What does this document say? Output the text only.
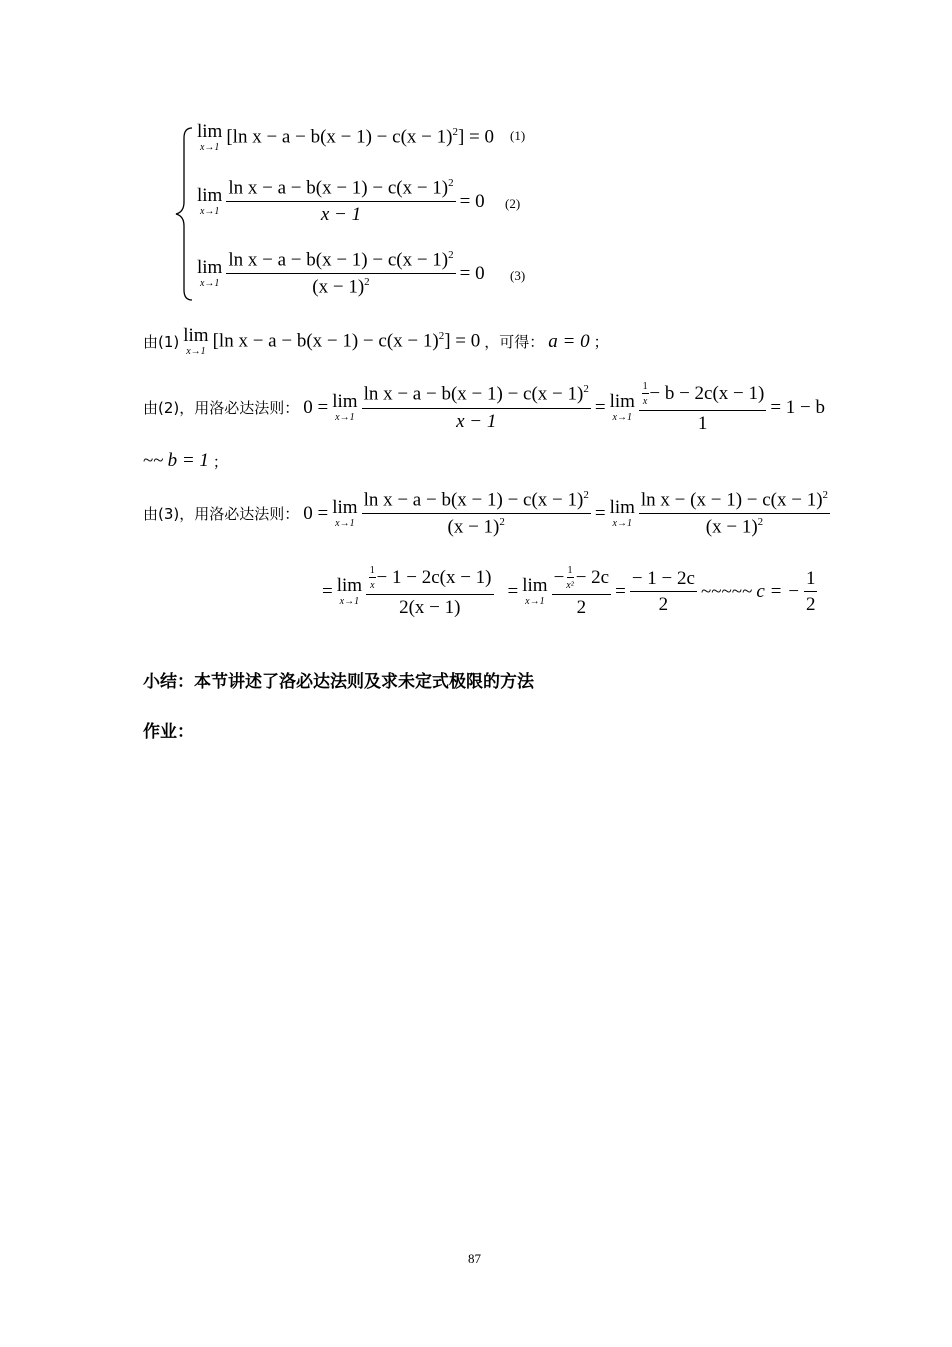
lim
x→1 [ln $x - a - b(x - 1) - c(x - 1)^2] = 0$ (1)
lim
$x\to 1 \frac{\ln x - a - b(x - 1) - c(x - 1)^2}{x - 1} = 0$ (2)
lim
$x\to 1 \frac{\ln x - a - b(x - 1) - c(x - 1)^2}{(x - 1)^2} = 0$ (3)
由(1) lim
x→1 [ln $x - a - b(x - 1) - c(x - 1)^2] = 0$ ，可得： a = 0 ；
由(2)，用洛必达法则： 0 = lim
$x\to 1 \frac{\ln x - a - b(x - 1) - c(x - 1)^2}{x - 1} = \lim$
$x\to 1 \frac{\frac{1}{x} - b - 2c(x - 1)}{1} = 1 - b$
~~ b = 1 ；
由(3)，用洛必达法则： 0 = lim
$x\to 1 \frac{\ln x - a - b(x - 1) - c(x - 1)^2}{(x - 1)^2} = \lim$
$x\to 1 \frac{\ln x - (x - 1) - c(x - 1)^2}{(x - 1)^2}$
= lim
$x\to 1 \frac{\frac{1}{x} - 1 - 2c(x - 1)}{2(x - 1)} = \lim$
$x\to 1 \frac{- \frac{1}{\text{x²}} - 2c}{2} = \frac{- 1 - 2c}{2}$ ~~~~~ c = − $\frac{1}{2}$
小结：本节讲述了洛必达法则及求未定式极限的方法
作业：
87
